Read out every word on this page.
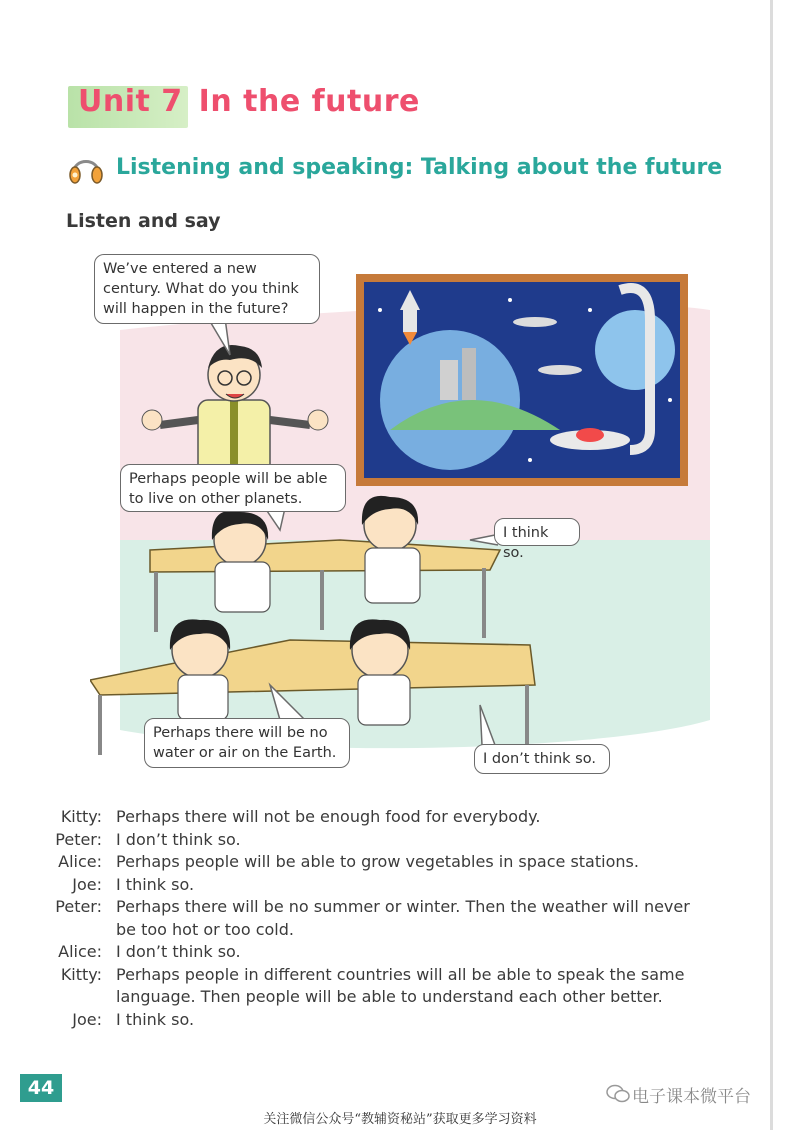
Unit 7 In the future
Listening and speaking: Talking about the future
Listen and say
We’ve entered a new
century. What do you think
will happen in the future?
Perhaps people will be able
to live on other planets.
I think so.
Perhaps there will be no
water or air on the Earth.	I don’t think so.
Kitty: Perhaps there will not be enough food for everybody.
Peter: I don’t think so.
Alice: Perhaps people will be able to grow vegetables in space stations.
Joe: I think so.
Peter: Perhaps there will be no summer or winter. Then the weather will never be too hot or too cold.
Alice: I don’t think so.
Kitty: Perhaps people in different countries will all be able to speak the same language. Then people will be able to understand each other better.
Joe: I think so.
44	电子课本微平台
关注微信公众号“教辅资秘站”获取更多学习资料
